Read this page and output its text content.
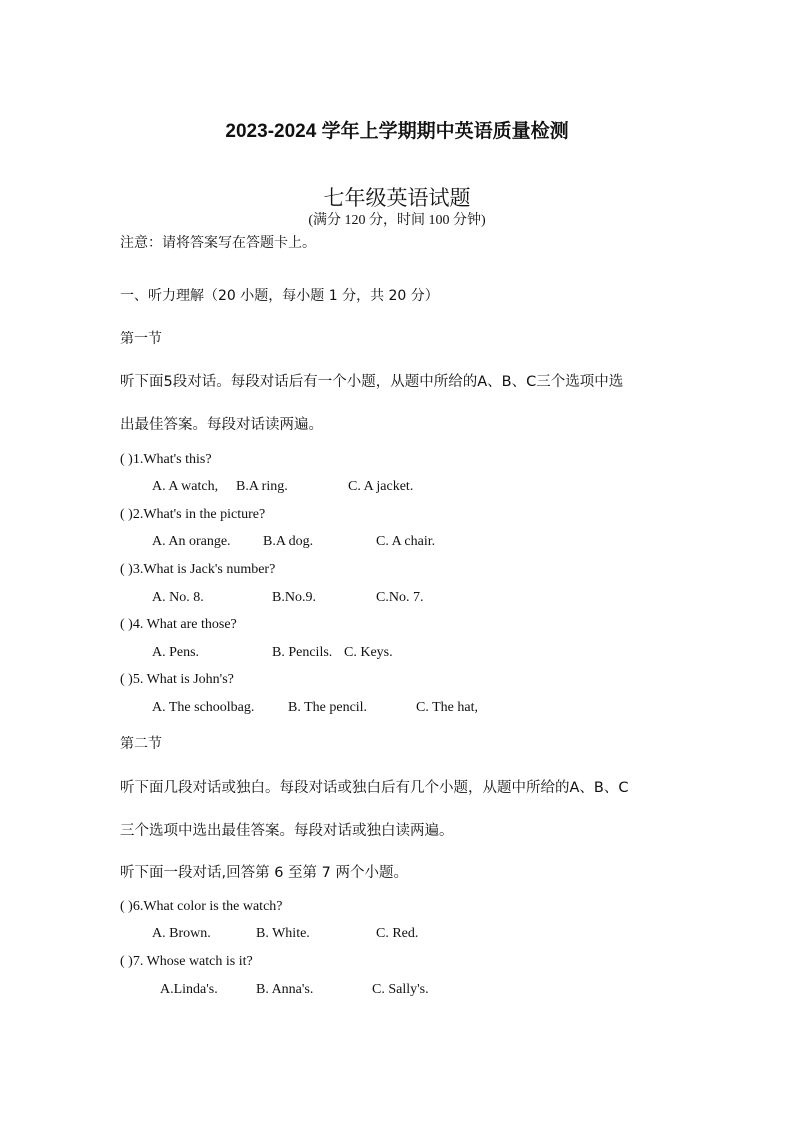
2023-2024 学年上学期期中英语质量检测
七年级英语试题
(满分 120 分，时间 100 分钟)
注意：请将答案写在答题卡上。
一、听力理解（20 小题，每小题 1 分，共 20 分）
第一节
听下面5段对话。每段对话后有一个小题，从题中所给的A、B、C三个选项中选
出最佳答案。每段对话读两遍。
( )1.What's this?
A. A watch, B.A ring.	C. A jacket.
( )2.What's in the picture?
A. An orange. B.A dog.	C. A chair.
( )3.What is Jack's number?
A. No. 8.	B.No.9.	C.No. 7.
( )4. What are those?
A. Pens.	B. Pencils. C. Keys.
( )5. What is John's?
A. The schoolbag. B. The pencil.	C. The hat,
第二节
听下面几段对话或独白。每段对话或独白后有几个小题，从题中所给的A、B、C
三个选项中选出最佳答案。每段对话或独白读两遍。
听下面一段对话,回答第 6 至第 7 两个小题。
( )6.What color is the watch?
A. Brown.	B. White.	C. Red.
( )7. Whose watch is it?
A.Linda's.	B. Anna's.	C. Sally's.
